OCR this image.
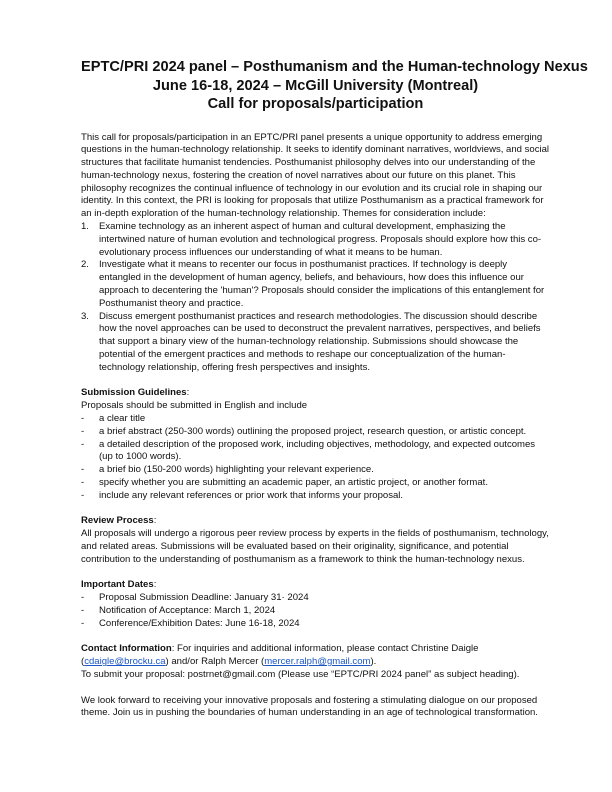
EPTC/PRI 2024 panel – Posthumanism and the Human-technology Nexus
June 16-18, 2024 – McGill University (Montreal)
Call for proposals/participation

This call for proposals/participation in an EPTC/PRI panel presents a unique opportunity to address emerging questions in the human-technology relationship. It seeks to identify dominant narratives, worldviews, and social structures that facilitate humanist tendencies. Posthumanist philosophy delves into our understanding of the human-technology nexus, fostering the creation of novel narratives about our future on this planet. This philosophy recognizes the continual influence of technology in our evolution and its crucial role in shaping our identity. In this context, the PRI is looking for proposals that utilize Posthumanism as a practical framework for an in-depth exploration of the human-technology relationship. Themes for consideration include:

1. Examine technology as an inherent aspect of human and cultural development, emphasizing the intertwined nature of human evolution and technological progress. Proposals should explore how this co-evolutionary process influences our understanding of what it means to be human.
2. Investigate what it means to recenter our focus in posthumanist practices. If technology is deeply entangled in the development of human agency, beliefs, and behaviours, how does this influence our approach to decentering the 'human'? Proposals should consider the implications of this entanglement for Posthumanist theory and practice.
3. Discuss emergent posthumanist practices and research methodologies. The discussion should describe how the novel approaches can be used to deconstruct the prevalent narratives, perspectives, and beliefs that support a binary view of the human-technology relationship. Submissions should showcase the potential of the emergent practices and methods to reshape our conceptualization of the human-technology relationship, offering fresh perspectives and insights.

Submission Guidelines:

Proposals should be submitted in English and include

- a clear title
- a brief abstract (250-300 words) outlining the proposed project, research question, or artistic concept.
- a detailed description of the proposed work, including objectives, methodology, and expected outcomes (up to 1000 words).
- a brief bio (150-200 words) highlighting your relevant experience.
- specify whether you are submitting an academic paper, an artistic project, or another format.
- include any relevant references or prior work that informs your proposal.

Review Process:

All proposals will undergo a rigorous peer review process by experts in the fields of posthumanism, technology, and related areas. Submissions will be evaluated based on their originality, significance, and potential contribution to the understanding of posthumanism as a framework to think the human-technology nexus.

Important Dates:

- Proposal Submission Deadline: January 31· 2024
- Notification of Acceptance: March 1, 2024
- Conference/Exhibition Dates: June 16-18, 2024

Contact Information: For inquiries and additional information, please contact Christine Daigle (cdaigle@brocku.ca) and/or Ralph Mercer (mercer.ralph@gmail.com).

To submit your proposal: postrnet@gmail.com (Please use “EPTC/PRI 2024 panel” as subject heading).

We look forward to receiving your innovative proposals and fostering a stimulating dialogue on our proposed theme. Join us in pushing the boundaries of human understanding in an age of technological transformation.
